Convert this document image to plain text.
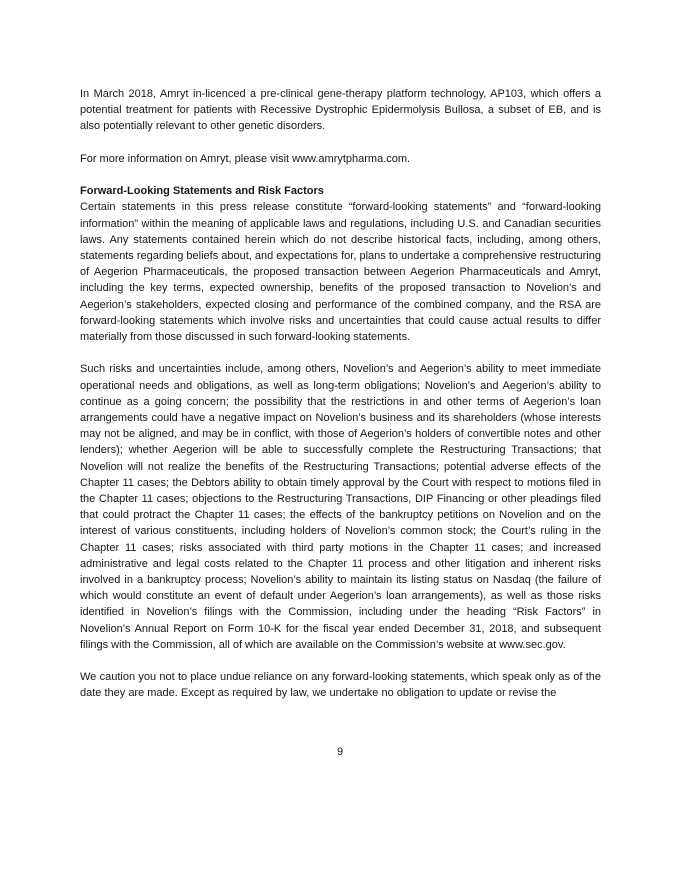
In March 2018, Amryt in-licenced a pre-clinical gene-therapy platform technology, AP103, which offers a potential treatment for patients with Recessive Dystrophic Epidermolysis Bullosa, a subset of EB, and is also potentially relevant to other genetic disorders.

For more information on Amryt, please visit www.amrytpharma.com.

Forward-Looking Statements and Risk Factors

Certain statements in this press release constitute “forward-looking statements” and “forward-looking information” within the meaning of applicable laws and regulations, including U.S. and Canadian securities laws. Any statements contained herein which do not describe historical facts, including, among others, statements regarding beliefs about, and expectations for, plans to undertake a comprehensive restructuring of Aegerion Pharmaceuticals, the proposed transaction between Aegerion Pharmaceuticals and Amryt, including the key terms, expected ownership, benefits of the proposed transaction to Novelion’s and Aegerion’s stakeholders, expected closing and performance of the combined company, and the RSA are forward-looking statements which involve risks and uncertainties that could cause actual results to differ materially from those discussed in such forward-looking statements.

Such risks and uncertainties include, among others, Novelion’s and Aegerion’s ability to meet immediate operational needs and obligations, as well as long-term obligations; Novelion’s and Aegerion’s ability to continue as a going concern; the possibility that the restrictions in and other terms of Aegerion’s loan arrangements could have a negative impact on Novelion’s business and its shareholders (whose interests may not be aligned, and may be in conflict, with those of Aegerion’s holders of convertible notes and other lenders); whether Aegerion will be able to successfully complete the Restructuring Transactions; that Novelion will not realize the benefits of the Restructuring Transactions; potential adverse effects of the Chapter 11 cases; the Debtors ability to obtain timely approval by the Court with respect to motions filed in the Chapter 11 cases; objections to the Restructuring Transactions, DIP Financing or other pleadings filed that could protract the Chapter 11 cases; the effects of the bankruptcy petitions on Novelion and on the interest of various constituents, including holders of Novelion’s common stock; the Court’s ruling in the Chapter 11 cases; risks associated with third party motions in the Chapter 11 cases; and increased administrative and legal costs related to the Chapter 11 process and other litigation and inherent risks involved in a bankruptcy process; Novelion’s ability to maintain its listing status on Nasdaq (the failure of which would constitute an event of default under Aegerion’s loan arrangements), as well as those risks identified in Novelion’s filings with the Commission, including under the heading “Risk Factors” in Novelion’s Annual Report on Form 10-K for the fiscal year ended December 31, 2018, and subsequent filings with the Commission, all of which are available on the Commission’s website at www.sec.gov.

We caution you not to place undue reliance on any forward-looking statements, which speak only as of the date they are made. Except as required by law, we undertake no obligation to update or revise the

9
